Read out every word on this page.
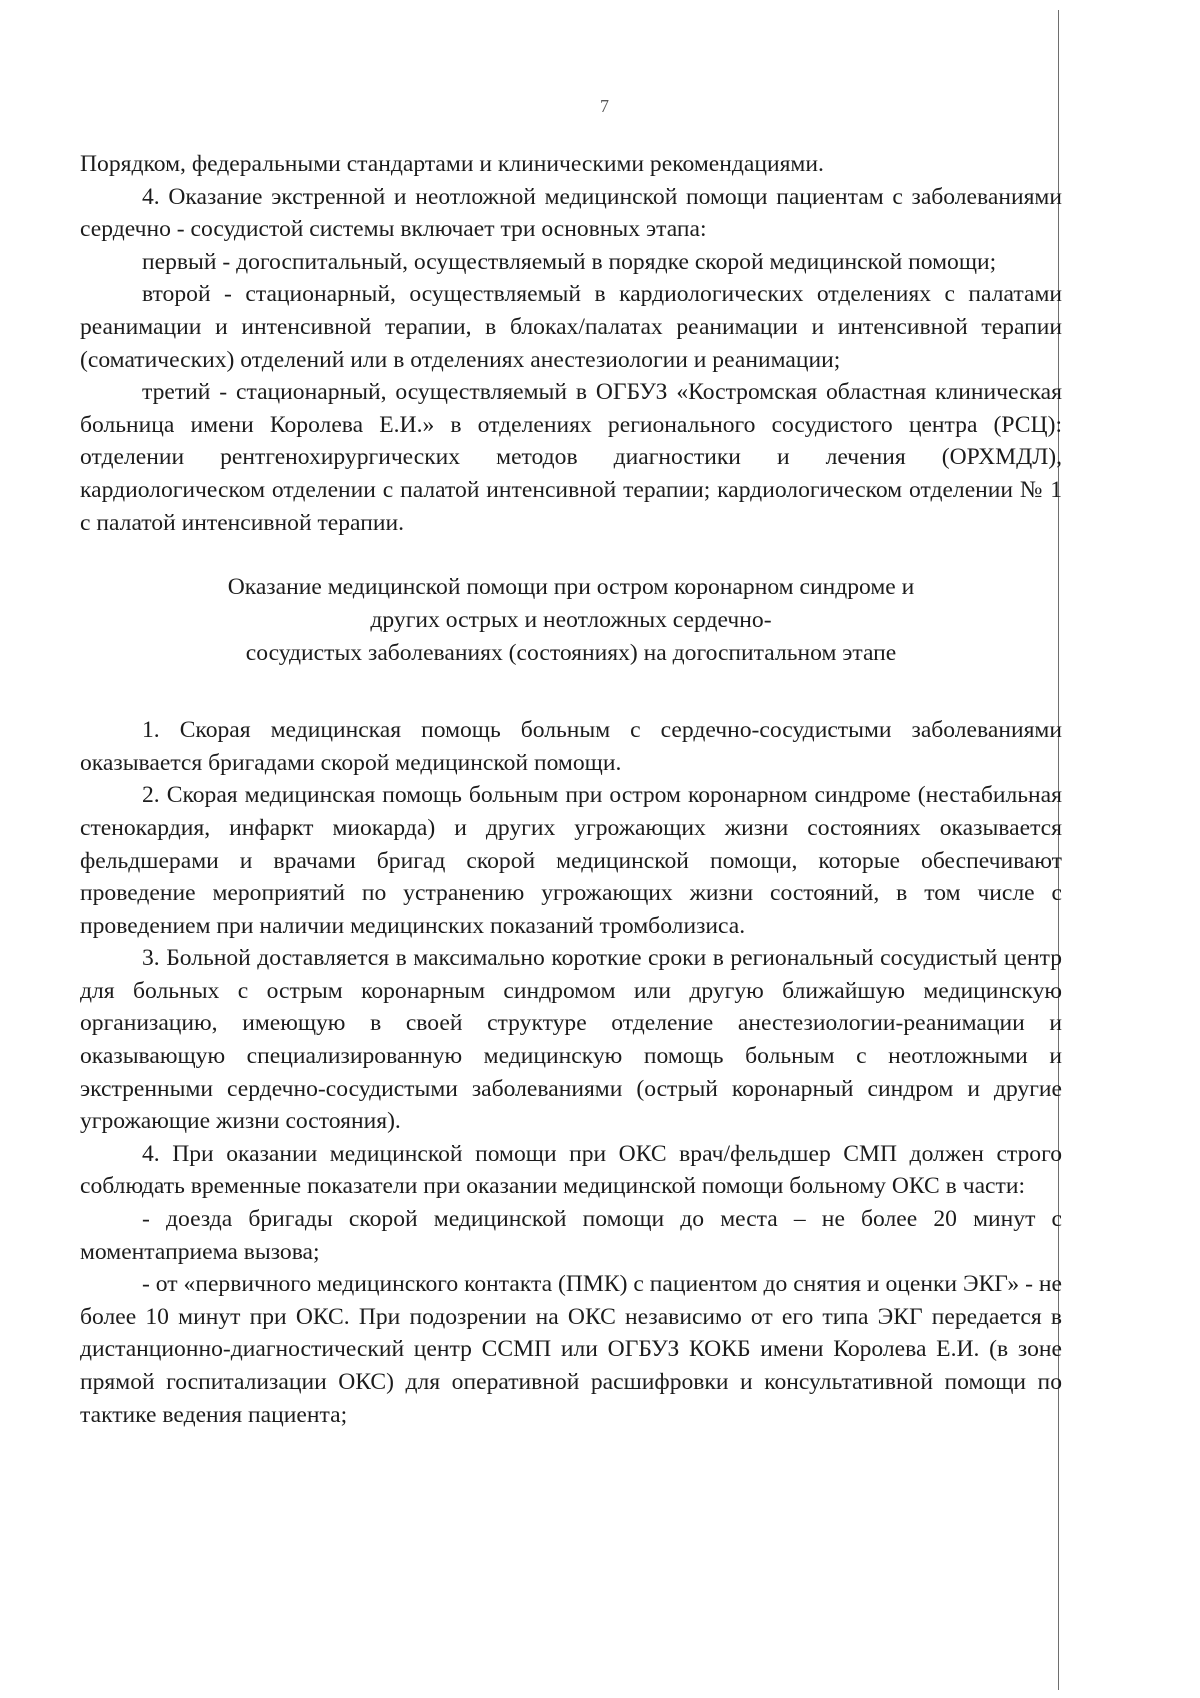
7

Порядком, федеральными стандартами и клиническими рекомендациями.

4. Оказание экстренной и неотложной медицинской помощи пациентам с заболеваниями сердечно - сосудистой системы включает три основных этапа:

первый - догоспитальный, осуществляемый в порядке скорой медицинской помощи;

второй - стационарный, осуществляемый в кардиологических отделениях с палатами реанимации и интенсивной терапии, в блоках/палатах реанимации и интенсивной терапии (соматических) отделений или в отделениях анестезиологии и реанимации;

третий - стационарный, осуществляемый в ОГБУЗ «Костромская областная клиническая больница имени Королева Е.И.» в отделениях регионального сосудистого центра (РСЦ): отделении рентгенохирургических методов диагностики и лечения (ОРХМДЛ), кардиологическом отделении с палатой интенсивной терапии; кардиологическом отделении № 1 с палатой интенсивной терапии.

Оказание медицинской помощи при остром коронарном синдроме и
других острых и неотложных сердечно-
сосудистых заболеваниях (состояниях) на догоспитальном этапе

1. Скорая медицинская помощь больным с сердечно-сосудистыми заболеваниями оказывается бригадами скорой медицинской помощи.

2. Скорая медицинская помощь больным при остром коронарном синдроме (нестабильная стенокардия, инфаркт миокарда) и других угрожающих жизни состояниях оказывается фельдшерами и врачами бригад скорой медицинской помощи, которые обеспечивают проведение мероприятий по устранению угрожающих жизни состояний, в том числе с проведением при наличии медицинских показаний тромболизиса.

3. Больной доставляется в максимально короткие сроки в региональный сосудистый центр для больных с острым коронарным синдромом или другую ближайшую медицинскую организацию, имеющую в своей структуре отделение анестезиологии-реанимации и оказывающую специализированную медицинскую помощь больным с неотложными и экстренными сердечно-сосудистыми заболеваниями (острый коронарный синдром и другие угрожающие жизни состояния).

4. При оказании медицинской помощи при ОКС врач/фельдшер СМП должен строго соблюдать временные показатели при оказании медицинской помощи больному ОКС в части:

- доезда бригады скорой медицинской помощи до места – не более 20 минут с моментаприема вызова;

- от «первичного медицинского контакта (ПМК) с пациентом до снятия и оценки ЭКГ» - не более 10 минут при ОКС. При подозрении на ОКС независимо от его типа ЭКГ передается в дистанционно-диагностический центр ССМП или ОГБУЗ КОКБ имени Королева Е.И. (в зоне прямой госпитализации ОКС) для оперативной расшифровки и консультативной помощи по тактике ведения пациента;
